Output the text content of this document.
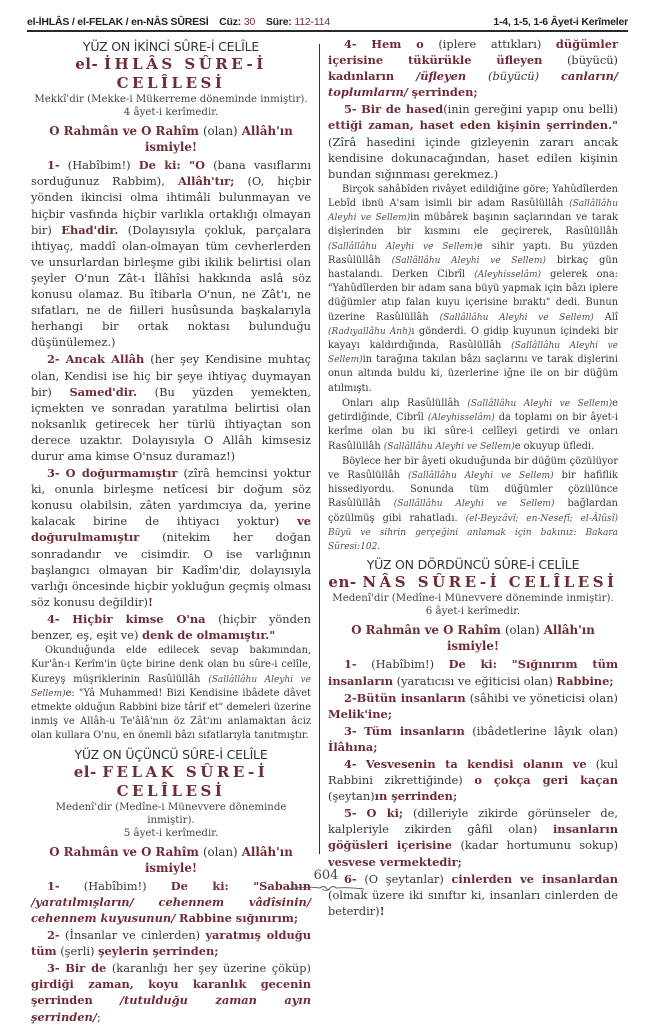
el-İHLÂS / el-FELAK / en-NÂS SÛRESİ Cüz: 30 Süre: 112-114	1-4, 1-5, 1-6 Âyet-i Kerîmeler

YÜZ ON İKİNCİ SÛRE-İ CELÎLE

el- İHLÂS SÛRE-İ CELÎLESİ

Mekkî'dir (Mekke-i Mükerreme döneminde inmiştir).

4 âyet-i kerîmedir.

O Rahmân ve O Rahîm (olan) Allâh'ın ismiyle!

1- (Habîbim!) De ki: "O (bana vasıflarını sorduğunuz Rabbim), Allâh'tır; (O, hiçbir yönden ikincisi olma ihtimâli bulunmayan ve hiçbir vasfında hiçbir varlıkla ortaklığı olmayan bir) Ehad'dir. (Dolayısıyla çokluk, parçalara ihtiyaç, maddî olan-olmayan tüm cevherlerden ve unsurlardan birleşme gibi ikilik belirtisi olan şeyler O'nun Zât-ı İlâhîsi hakkında aslâ söz konusu olamaz. Bu îtibarla O'nun, ne Zât'ı, ne sıfatları, ne de fiilleri husûsunda başkalarıyla herhangi bir ortak noktası bulunduğu düşünülemez.)

2- Ancak Allâh (her şey Kendisine muhtaç olan, Kendisi ise hiç bir şeye ihtiyaç duymayan bir) Samed'dir. (Bu yüzden yemekten, içmekten ve sonradan yaratılma belirtisi olan noksanlık getirecek her türlü ihtiyaçtan son derece uzaktır. Dolayısıyla O Allâh kimsesiz durur ama kimse O'nsuz duramaz!)

3- O doğurmamıştır (zîrâ hemcinsi yoktur ki, onunla birleşme netîcesi bir doğum söz konusu olabilsin, zâten yardımcıya da, yerine kalacak birine de ihtiyacı yoktur) ve doğurulmamıştır (nitekim her doğan sonradandır ve cisimdir. O ise varlığının başlangıcı olmayan bir Kadîm'dir, dolayısıyla varlığı öncesinde hiçbir yokluğun geçmiş olması söz konusu değildir)!

4- Hiçbir kimse O'na (hiçbir yönden benzer, eş, eşit ve) denk de olmamıştır."

Okunduğunda elde edilecek sevap bakımından, Kur'ân-ı Kerîm'in üçte birine denk olan bu sûre-i celîle, Kureyş müşriklerinin Rasûlüllâh (Sallâllâhu Aleyhi ve Sellem)e: "Yâ Muhammed! Bizi Kendisine ibâdete dâvet etmekte olduğun Rabbini bize târif et" demeleri üzerine inmiş ve Allâh-u Te'âlâ'nın öz Zât'ını anlamaktan âciz olan kullara O'nu, en önemli bâzı sıfatlarıyla tanıtmıştır.

YÜZ ON ÜÇÜNCÜ SÛRE-İ CELÎLE

el- FELAK SÛRE-İ CELÎLESİ

Medenî'dir (Medîne-i Münevvere döneminde inmiştir).

5 âyet-i kerîmedir.

O Rahmân ve O Rahîm (olan) Allâh'ın ismiyle!

1- (Habîbim!) De ki: "Sabahın /yaratılmışların/ cehennem vâdîsinin/ cehennem kuyusunun/ Rabbine sığınırım;

2- (İnsanlar ve cinlerden) yaratmış olduğu tüm (şerli) şeylerin şerrinden;

3- Bir de (karanlığı her şey üzerine çöküp) girdiği zaman, koyu karanlık gecenin şerrinden /tutulduğu zaman ayın şerrinden/;

4- Hem o (iplere attıkları) düğümler içerisine tükürükle üfleyen (büyücü) kadınların /üfleyen (büyücü) canların/ toplumların/ şerrinden;

5- Bir de hased(inin gereğini yapıp onu belli) ettiği zaman, haset eden kişinin şerrinden." (Zîrâ hasedini içinde gizleyenin zararı ancak kendisine dokunacağından, haset edilen kişinin bundan sığınması gerekmez.)

Birçok sahâbîden rivâyet edildiğine göre; Yahûdîlerden Lebîd ibnü A'sam isimli bir adam Rasûlüllâh (Sallâllâhu Aleyhi ve Sellem)in mübârek başının saçlarından ve tarak dişlerinden bir kısmını ele geçirerek, Rasûlüllâh (Sallâllâhu Aleyhi ve Sellem)e sihir yaptı. Bu yüzden Rasûlüllâh (Sallâllâhu Aleyhi ve Sellem) birkaç gün hastalandı. Derken Cibrîl (Aleyhisselâm) gelerek ona: "Yahûdîlerden bir adam sana büyü yapmak için bâzı iplere düğümler atıp falan kuyu içerisine bıraktı" dedi. Bunun üzerine Rasûlüllâh (Sallâllâhu Aleyhi ve Sellem) Alî (Radıyallâhu Anh)ı gönderdi. O gidip kuyunun içindeki bir kayayı kaldırdığında, Rasûlüllâh (Sallâllâhu Aleyhi ve Sellem)in tarağına takılan bâzı saçlarını ve tarak dişlerini onun altında buldu ki, üzerlerine iğne ile on bir düğüm atılmıştı.

Onları alıp Rasûlüllâh (Sallâllâhu Aleyhi ve Sellem)e getirdiğinde, Cibrîl (Aleyhisselâm) da toplamı on bir âyet-i kerîme olan bu iki sûre-i celîleyi getirdi ve onları Rasûlüllâh (Sallâllâhu Aleyhi ve Sellem)e okuyup üfledi.

Böylece her bir âyeti okuduğunda bir düğüm çözülüyor ve Rasûlüllâh (Sallâllâhu Aleyhi ve Sellem) bir hafiflik hissediyordu. Sonunda tüm düğümler çözülünce Rasûlüllâh (Sallâllâhu Aleyhi ve Sellem) bağlardan çözülmüş gibi rahatladı. (el-Beyzâvî; en-Nesefî; el-Âlûsî) Büyü ve sihrin gerçeğini anlamak için bakınız: Bakara Sûresi:102.

YÜZ ON DÖRDÜNCÜ SÛRE-İ CELÎLE

en- NÂS SÛRE-İ CELÎLESİ

Medenî'dir (Medîne-i Münevvere döneminde inmiştir).

6 âyet-i kerîmedir.

O Rahmân ve O Rahîm (olan) Allâh'ın ismiyle!

1- (Habîbim!) De ki: "Sığınırım tüm insanların (yaratıcısı ve eğiticisi olan) Rabbine;

2-Bütün insanların (sâhibi ve yöneticisi olan) Melik'ine;

3- Tüm insanların (ibâdetlerine lâyık olan) İlâhına;

4- Vesvesenin ta kendisi olanın ve (kul Rabbini zikrettiğinde) o çokça geri kaçan (şeytan)ın şerrinden;

5- O ki; (dilleriyle zikirde görünseler de, kalpleriyle zikirden gâfil olan) insanların göğüsleri içerisine (kadar hortumunu sokup) vesvese vermektedir;

6- (O şeytanlar) cinlerden ve insanlardan (olmak üzere iki sınıftır ki, insanları cinlerden de beterdir)!

604
